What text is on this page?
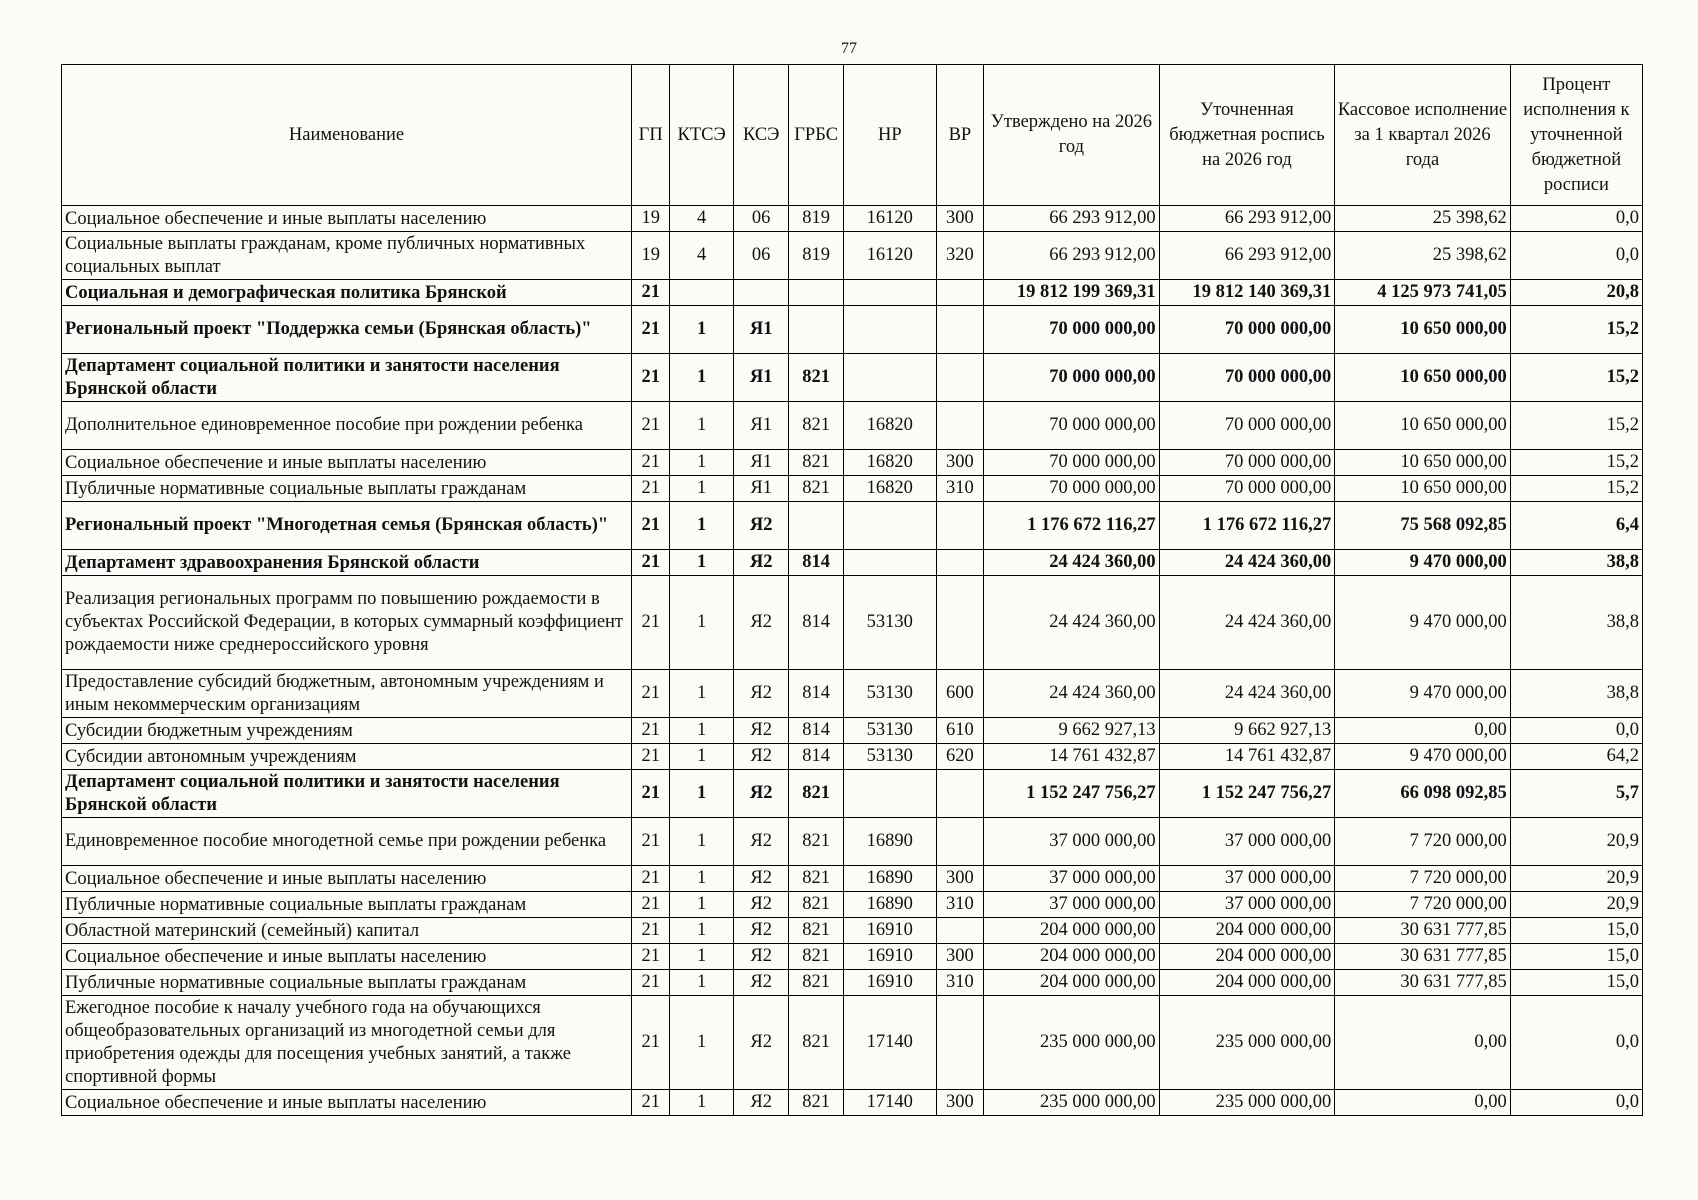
77
Наименование	ГП	КТСЭ	КСЭ	ГРБС	НР	ВР	Утверждено на 2026 год	Уточненная бюджетная роспись на 2026 год	Кассовое исполнение за 1 квартал 2026 года	Процент исполнения к уточненной бюджетной росписи
Социальное обеспечение и иные выплаты населению	19	4	06	819	16120	300	66 293 912,00	66 293 912,00	25 398,62	0,0
Социальные выплаты гражданам, кроме публичных нормативных социальных выплат	19	4	06	819	16120	320	66 293 912,00	66 293 912,00	25 398,62	0,0
Социальная и демографическая политика Брянской	21						19 812 199 369,31	19 812 140 369,31	4 125 973 741,05	20,8
Региональный проект "Поддержка семьи (Брянская область)"	21	1	Я1				70 000 000,00	70 000 000,00	10 650 000,00	15,2
Департамент социальной политики и занятости населения Брянской области	21	1	Я1	821			70 000 000,00	70 000 000,00	10 650 000,00	15,2
Дополнительное единовременное пособие при рождении ребенка	21	1	Я1	821	16820		70 000 000,00	70 000 000,00	10 650 000,00	15,2
Социальное обеспечение и иные выплаты населению	21	1	Я1	821	16820	300	70 000 000,00	70 000 000,00	10 650 000,00	15,2
Публичные нормативные социальные выплаты гражданам	21	1	Я1	821	16820	310	70 000 000,00	70 000 000,00	10 650 000,00	15,2
Региональный проект "Многодетная семья (Брянская область)"	21	1	Я2				1 176 672 116,27	1 176 672 116,27	75 568 092,85	6,4
Департамент здравоохранения Брянской области	21	1	Я2	814			24 424 360,00	24 424 360,00	9 470 000,00	38,8
Реализация региональных программ по повышению рождаемости в субъектах Российской Федерации, в которых суммарный коэффициент рождаемости ниже среднероссийского уровня	21	1	Я2	814	53130		24 424 360,00	24 424 360,00	9 470 000,00	38,8
Предоставление субсидий бюджетным, автономным учреждениям и иным некоммерческим организациям	21	1	Я2	814	53130	600	24 424 360,00	24 424 360,00	9 470 000,00	38,8
Субсидии бюджетным учреждениям	21	1	Я2	814	53130	610	9 662 927,13	9 662 927,13	0,00	0,0
Субсидии автономным учреждениям	21	1	Я2	814	53130	620	14 761 432,87	14 761 432,87	9 470 000,00	64,2
Департамент социальной политики и занятости населения Брянской области	21	1	Я2	821			1 152 247 756,27	1 152 247 756,27	66 098 092,85	5,7
Единовременное пособие многодетной семье при рождении ребенка	21	1	Я2	821	16890		37 000 000,00	37 000 000,00	7 720 000,00	20,9
Социальное обеспечение и иные выплаты населению	21	1	Я2	821	16890	300	37 000 000,00	37 000 000,00	7 720 000,00	20,9
Публичные нормативные социальные выплаты гражданам	21	1	Я2	821	16890	310	37 000 000,00	37 000 000,00	7 720 000,00	20,9
Областной материнский (семейный) капитал	21	1	Я2	821	16910		204 000 000,00	204 000 000,00	30 631 777,85	15,0
Социальное обеспечение и иные выплаты населению	21	1	Я2	821	16910	300	204 000 000,00	204 000 000,00	30 631 777,85	15,0
Публичные нормативные социальные выплаты гражданам	21	1	Я2	821	16910	310	204 000 000,00	204 000 000,00	30 631 777,85	15,0
Ежегодное пособие к началу учебного года на обучающихся общеобразовательных организаций из многодетной семьи для приобретения одежды для посещения учебных занятий, а также спортивной формы	21	1	Я2	821	17140		235 000 000,00	235 000 000,00	0,00	0,0
Социальное обеспечение и иные выплаты населению	21	1	Я2	821	17140	300	235 000 000,00	235 000 000,00	0,00	0,0
